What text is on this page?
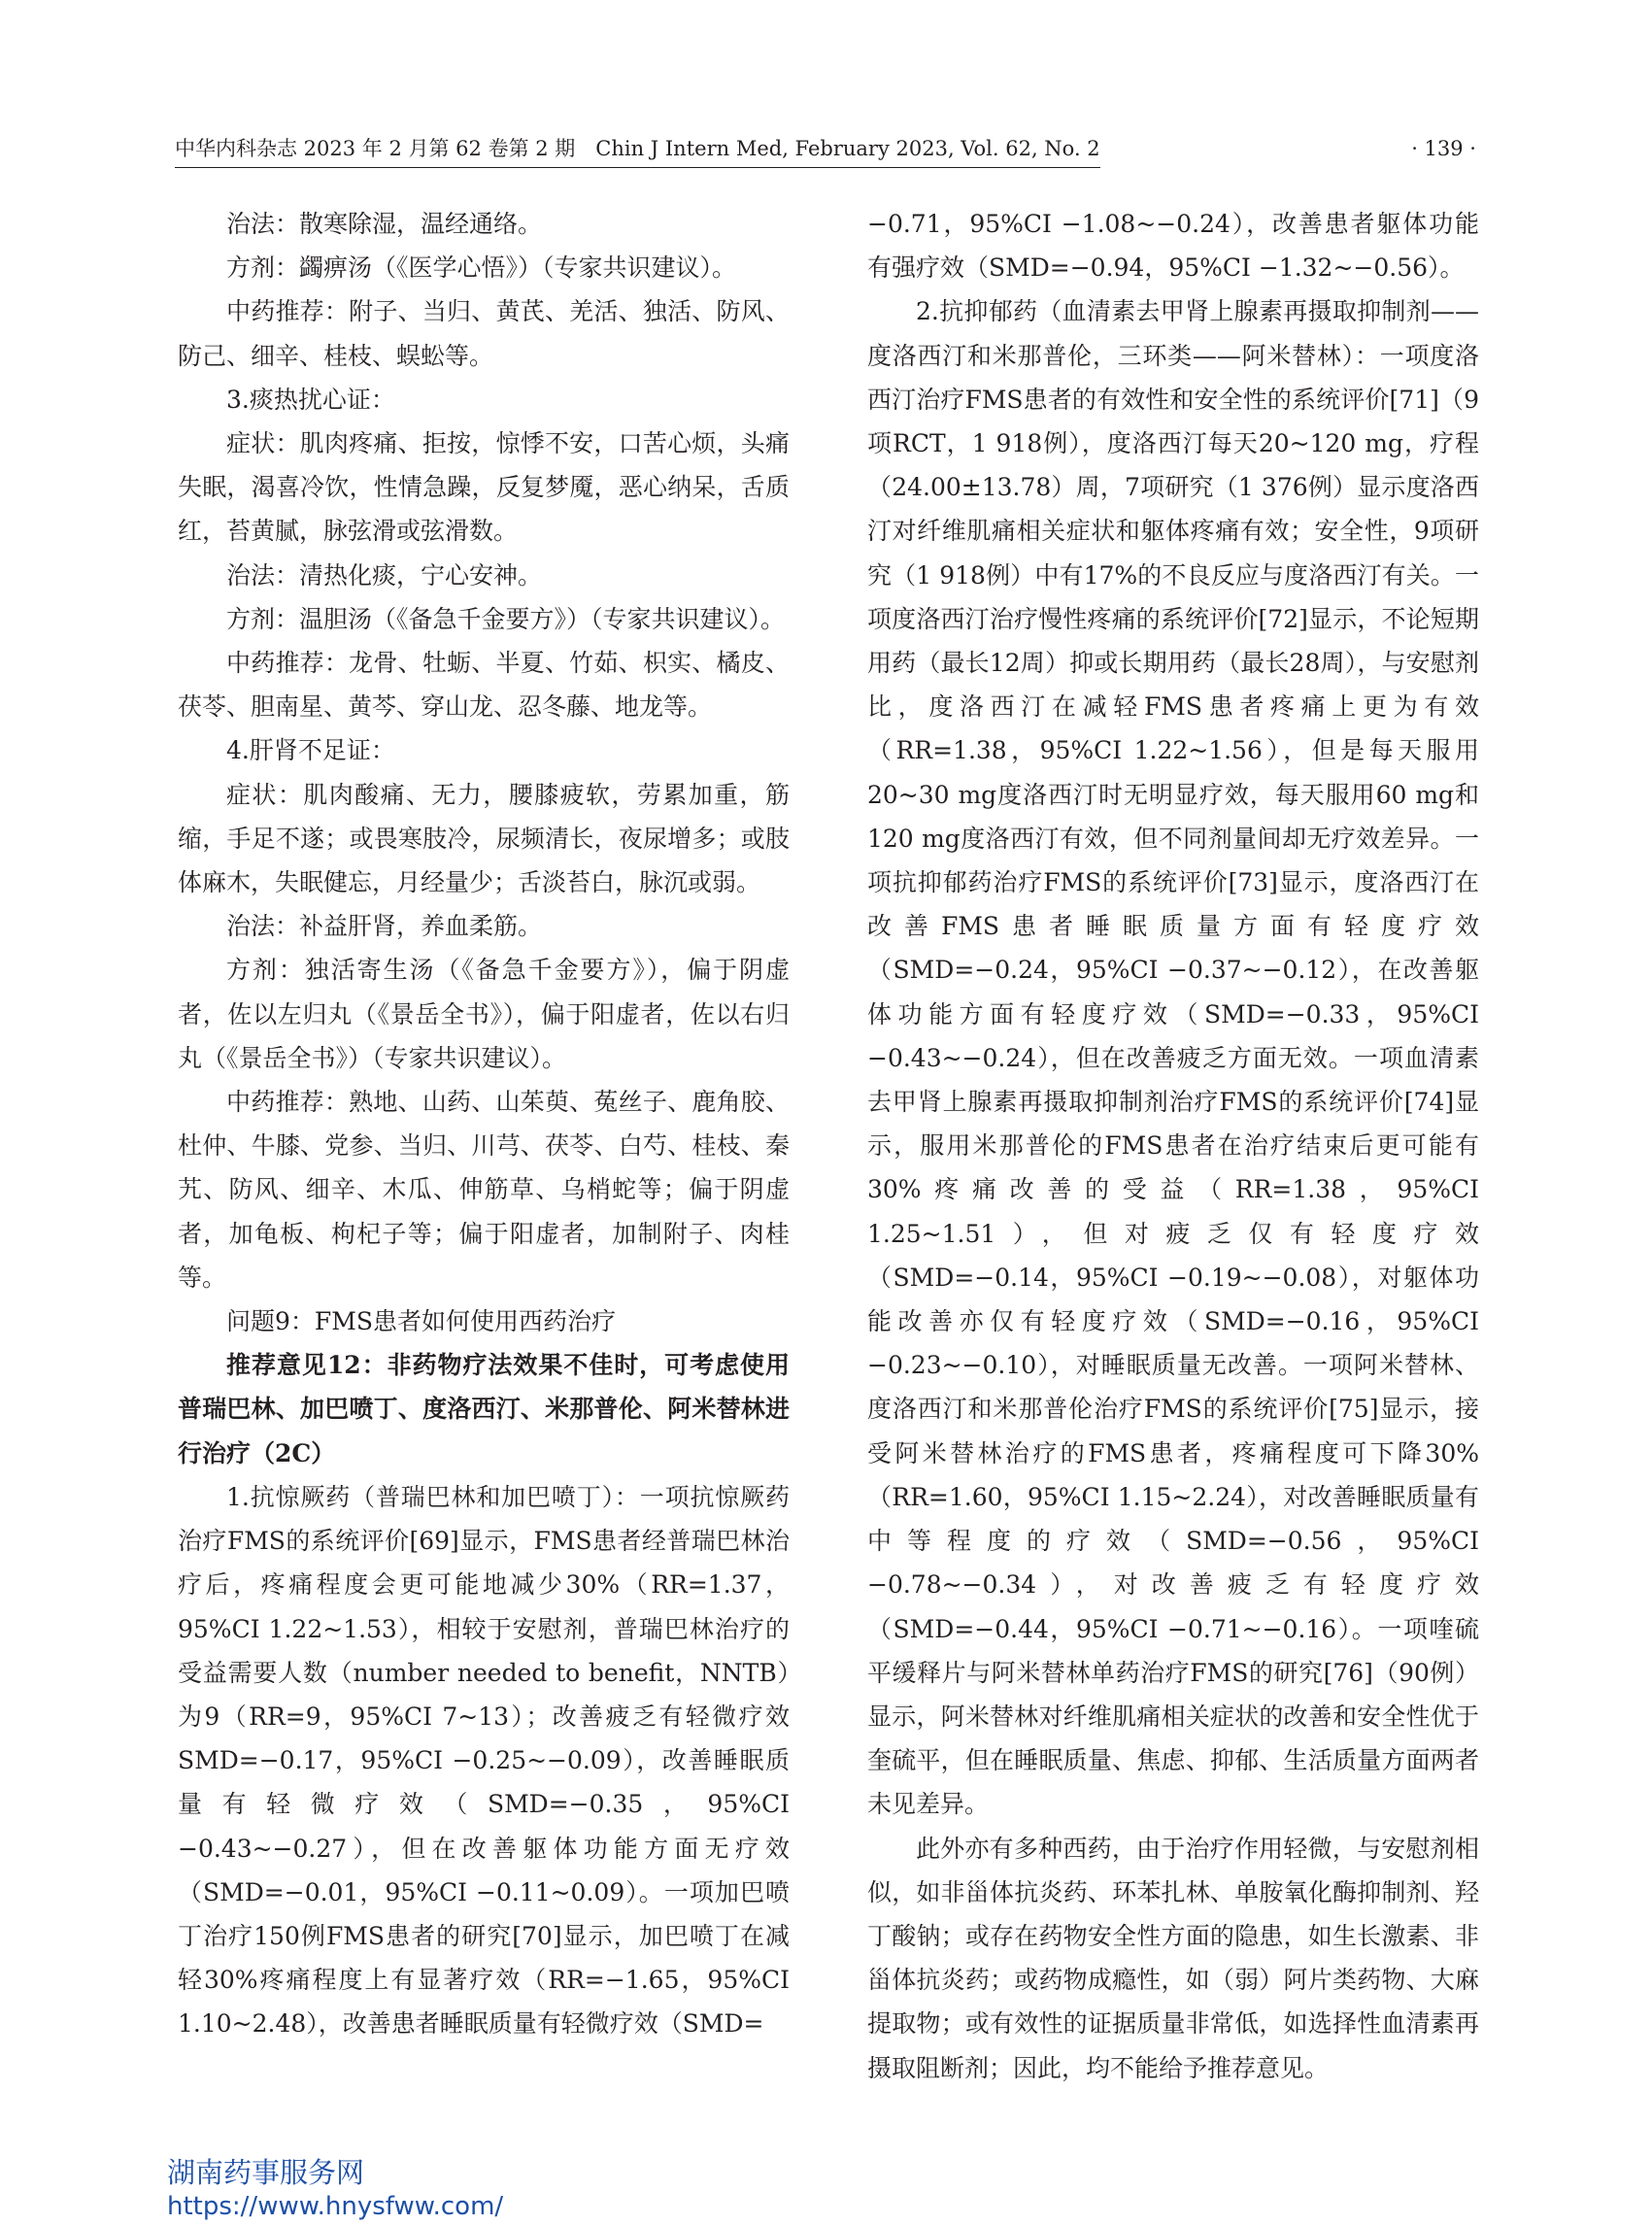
中华内科杂志 2023 年 2 月第 62 卷第 2 期　Chin J Intern Med, February 2023, Vol. 62, No. 2	· 139 ·

治法：散寒除湿，温经通络。

方剂：蠲痹汤（《医学心悟》）（专家共识建议）。

中药推荐：附子、当归、黄芪、羌活、独活、防风、防己、细辛、桂枝、蜈蚣等。

3.痰热扰心证：

症状：肌肉疼痛、拒按，惊悸不安，口苦心烦，头痛失眠，渴喜冷饮，性情急躁，反复梦魇，恶心纳呆，舌质红，苔黄腻，脉弦滑或弦滑数。

治法：清热化痰，宁心安神。

方剂：温胆汤（《备急千金要方》）（专家共识建议）。

中药推荐：龙骨、牡蛎、半夏、竹茹、枳实、橘皮、茯苓、胆南星、黄芩、穿山龙、忍冬藤、地龙等。

4.肝肾不足证：

症状：肌肉酸痛、无力，腰膝疲软，劳累加重，筋缩，手足不遂；或畏寒肢冷，尿频清长，夜尿增多；或肢体麻木，失眠健忘，月经量少；舌淡苔白，脉沉或弱。

治法：补益肝肾，养血柔筋。

方剂：独活寄生汤（《备急千金要方》），偏于阴虚者，佐以左归丸（《景岳全书》），偏于阳虚者，佐以右归丸（《景岳全书》）（专家共识建议）。

中药推荐：熟地、山药、山茱萸、菟丝子、鹿角胶、杜仲、牛膝、党参、当归、川芎、茯苓、白芍、桂枝、秦艽、防风、细辛、木瓜、伸筋草、乌梢蛇等；偏于阴虚者，加龟板、枸杞子等；偏于阳虚者，加制附子、肉桂等。

问题9：FMS患者如何使用西药治疗

推荐意见12：非药物疗法效果不佳时，可考虑使用普瑞巴林、加巴喷丁、度洛西汀、米那普伦、阿米替林进行治疗（2C）

1.抗惊厥药（普瑞巴林和加巴喷丁）：一项抗惊厥药治疗FMS的系统评价[69]显示，FMS患者经普瑞巴林治疗后，疼痛程度会更可能地减少30%（RR=1.37，95%CI 1.22~1.53），相较于安慰剂，普瑞巴林治疗的受益需要人数（number needed to benefit，NNTB）为9（RR=9，95%CI 7~13）；改善疲乏有轻微疗效SMD=−0.17，95%CI −0.25~−0.09），改善睡眠质量有轻微疗效（SMD=−0.35，95%CI −0.43~−0.27），但在改善躯体功能方面无疗效（SMD=−0.01，95%CI −0.11~0.09）。一项加巴喷丁治疗150例FMS患者的研究[70]显示，加巴喷丁在减轻30%疼痛程度上有显著疗效（RR=−1.65，95%CI 1.10~2.48），改善患者睡眠质量有轻微疗效（SMD=

−0.71，95%CI −1.08~−0.24），改善患者躯体功能有强疗效（SMD=−0.94，95%CI −1.32~−0.56）。

2.抗抑郁药（血清素去甲肾上腺素再摄取抑制剂——度洛西汀和米那普伦，三环类——阿米替林）：一项度洛西汀治疗FMS患者的有效性和安全性的系统评价[71]（9项RCT，1 918例），度洛西汀每天20~120 mg，疗程（24.00±13.78）周，7项研究（1 376例）显示度洛西汀对纤维肌痛相关症状和躯体疼痛有效；安全性，9项研究（1 918例）中有17%的不良反应与度洛西汀有关。一项度洛西汀治疗慢性疼痛的系统评价[72]显示，不论短期用药（最长12周）抑或长期用药（最长28周），与安慰剂比，度洛西汀在减轻FMS患者疼痛上更为有效（RR=1.38，95%CI 1.22~1.56），但是每天服用20~30 mg度洛西汀时无明显疗效，每天服用60 mg和120 mg度洛西汀有效，但不同剂量间却无疗效差异。一项抗抑郁药治疗FMS的系统评价[73]显示，度洛西汀在改善FMS患者睡眠质量方面有轻度疗效（SMD=−0.24，95%CI −0.37~−0.12），在改善躯体功能方面有轻度疗效（SMD=−0.33，95%CI −0.43~−0.24），但在改善疲乏方面无效。一项血清素去甲肾上腺素再摄取抑制剂治疗FMS的系统评价[74]显示，服用米那普伦的FMS患者在治疗结束后更可能有30%疼痛改善的受益（RR=1.38，95%CI 1.25~1.51），但对疲乏仅有轻度疗效（SMD=−0.14，95%CI −0.19~−0.08），对躯体功能改善亦仅有轻度疗效（SMD=−0.16，95%CI −0.23~−0.10），对睡眠质量无改善。一项阿米替林、度洛西汀和米那普伦治疗FMS的系统评价[75]显示，接受阿米替林治疗的FMS患者，疼痛程度可下降30%（RR=1.60，95%CI 1.15~2.24），对改善睡眠质量有中等程度的疗效（SMD=−0.56，95%CI −0.78~−0.34），对改善疲乏有轻度疗效（SMD=−0.44，95%CI −0.71~−0.16）。一项喹硫平缓释片与阿米替林单药治疗FMS的研究[76]（90例）显示，阿米替林对纤维肌痛相关症状的改善和安全性优于奎硫平，但在睡眠质量、焦虑、抑郁、生活质量方面两者未见差异。

此外亦有多种西药，由于治疗作用轻微，与安慰剂相似，如非甾体抗炎药、环苯扎林、单胺氧化酶抑制剂、羟丁酸钠；或存在药物安全性方面的隐患，如生长激素、非甾体抗炎药；或药物成瘾性，如（弱）阿片类药物、大麻提取物；或有效性的证据质量非常低，如选择性血清素再摄取阻断剂；因此，均不能给予推荐意见。

湖南药事服务网
https://www.hnysfww.com/
